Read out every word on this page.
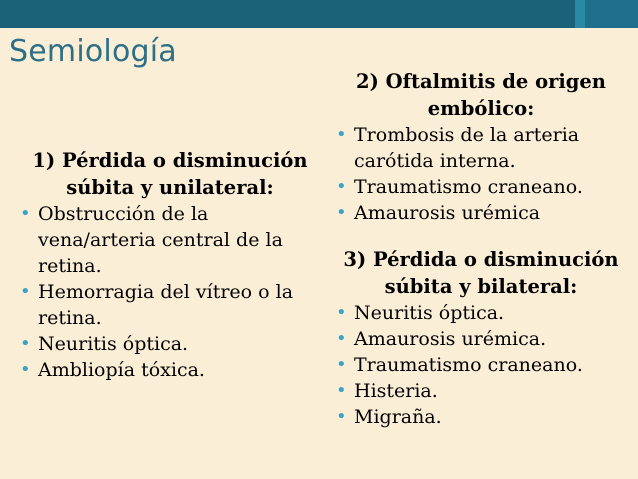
Semiología
1) Pérdida o disminución
súbita y unilateral:
• Obstrucción de la
vena/arteria central de la
retina.
• Hemorragia del vítreo o la
retina.
• Neuritis óptica.
• Ambliopía tóxica.
2) Oftalmitis de origen
embólico:
• Trombosis de la arteria
carótida interna.
• Traumatismo craneano.
• Amaurosis urémica
3) Pérdida o disminución
súbita y bilateral:
• Neuritis óptica.
• Amaurosis urémica.
• Traumatismo craneano.
• Histeria.
• Migraña.
